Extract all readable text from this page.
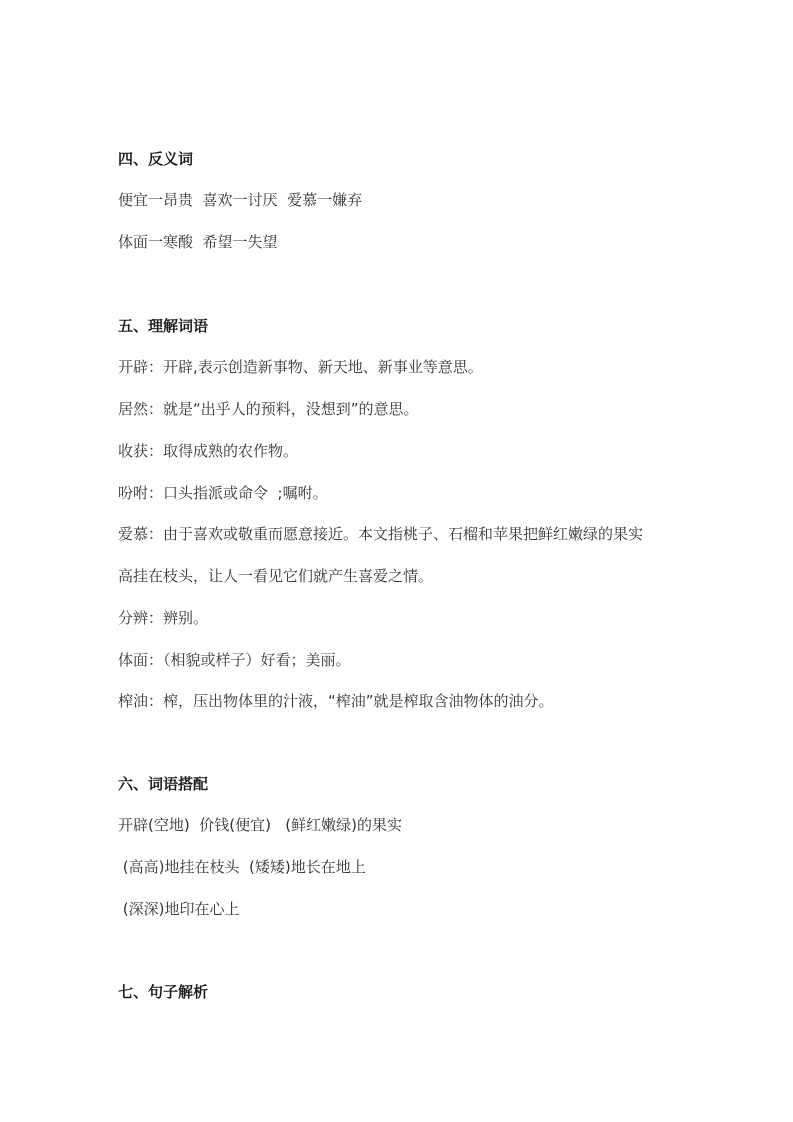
四、反义词
便宜一昂贵  喜欢一讨厌  爱慕一嫌弃
体面一寒酸  希望一失望
五、理解词语
开辟：开辟,表示创造新事物、新天地、新事业等意思。
居然：就是“出乎人的预料，没想到”的意思。
收获：取得成熟的农作物。
吩咐：口头指派或命令  ;嘱咐。
爱慕：由于喜欢或敬重而愿意接近。本文指桃子、石榴和苹果把鲜红嫩绿的果实
高挂在枝头，让人一看见它们就产生喜爱之情。
分辨：辨别。
体面：（相貌或样子）好看；美丽。
榨油：榨，压出物体里的汁液，“榨油”就是榨取含油物体的油分。
六、词语搭配
开辟(空地)  价钱(便宜)   (鲜红嫩绿)的果实
(高高)地挂在枝头  (矮矮)地长在地上
(深深)地印在心上
七、句子解析
